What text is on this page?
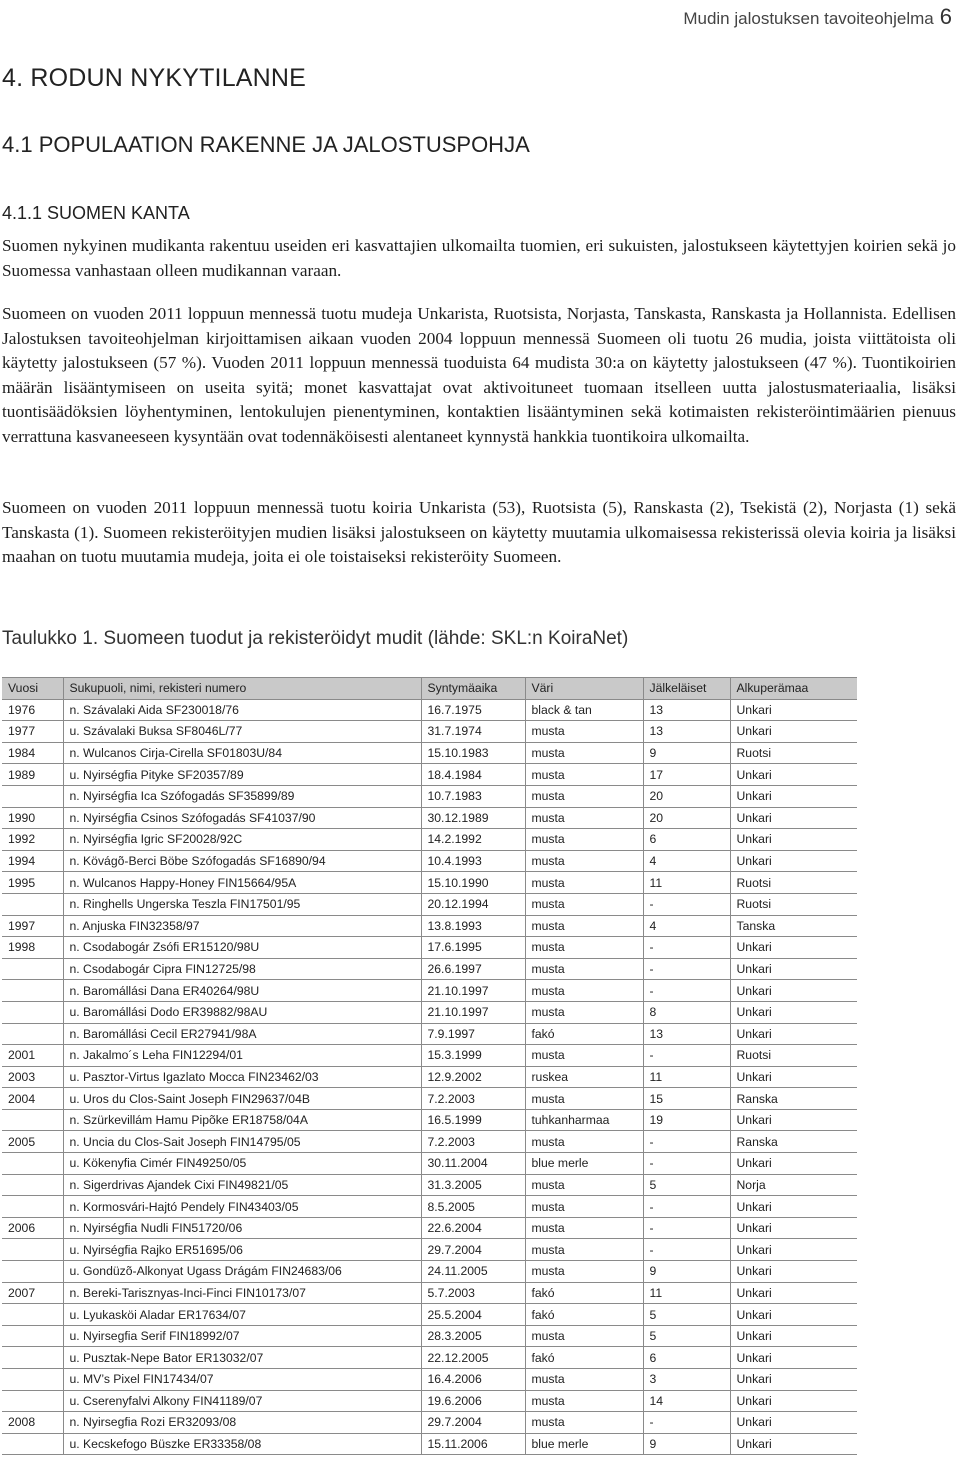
Mudin jalostuksen tavoiteohjelma 6
4. RODUN NYKYTILANNE
4.1 POPULAATION RAKENNE JA JALOSTUSPOHJA
4.1.1 SUOMEN KANTA

Suomen nykyinen mudikanta rakentuu useiden eri kasvattajien ulkomailta tuomien, eri sukuisten, jalostukseen käytettyjen koirien sekä jo Suomessa vanhastaan olleen mudikannan varaan.

Suomeen on vuoden 2011 loppuun mennessä tuotu mudeja Unkarista, Ruotsista, Norjasta, Tanskasta, Ranskasta ja Hollannista. Edellisen Jalostuksen tavoiteohjelman kirjoittamisen aikaan vuoden 2004 loppuun mennessä Suomeen oli tuotu 26 mudia, joista viittätoista oli käytetty jalostukseen (57 %). Vuoden 2011 loppuun mennessä tuoduista 64 mudista 30:a on käytetty jalostukseen (47 %). Tuontikoirien määrän lisääntymiseen on useita syitä; monet kasvattajat ovat aktivoituneet tuomaan itselleen uutta jalostusmateriaalia, lisäksi tuontisäädöksien löyhentyminen, lentokulujen pienentyminen, kontaktien lisääntyminen sekä kotimaisten rekisteröintimäärien pienuus verrattuna kasvaneeseen kysyntään ovat todennäköisesti alentaneet kynnystä hankkia tuontikoira ulkomailta.

Suomeen on vuoden 2011 loppuun mennessä tuotu koiria Unkarista (53), Ruotsista (5), Ranskasta (2), Tsekistä (2), Norjasta (1) sekä Tanskasta (1). Suomeen rekisteröityjen mudien lisäksi jalostukseen on käytetty muutamia ulkomaisessa rekisterissä olevia koiria ja lisäksi maahan on tuotu muutamia mudeja, joita ei ole toistaiseksi rekisteröity Suomeen.

Taulukko 1. Suomeen tuodut ja rekisteröidyt mudit (lähde: SKL:n KoiraNet)

Vuosi	Sukupuoli, nimi, rekisteri numero	Syntymäaika	Väri	Jälkeläiset	Alkuperämaa
1976	n. Szávalaki Aida SF230018/76	16.7.1975	black & tan	13	Unkari
1977	u. Szávalaki Buksa SF8046L/77	31.7.1974	musta	13	Unkari
1984	n. Wulcanos Cirja-Cirella SF01803U/84	15.10.1983	musta	9	Ruotsi
1989	u. Nyirségfia Pityke SF20357/89	18.4.1984	musta	17	Unkari
	n. Nyirségfia Ica Szófogadás SF35899/89	10.7.1983	musta	20	Unkari
1990	n. Nyirségfia Csinos Szófogadás SF41037/90	30.12.1989	musta	20	Unkari
1992	n. Nyirségfia Igric SF20028/92C	14.2.1992	musta	6	Unkari
1994	n. Kövágõ-Berci Böbe Szófogadás SF16890/94	10.4.1993	musta	4	Unkari
1995	n. Wulcanos Happy-Honey FIN15664/95A	15.10.1990	musta	11	Ruotsi
	n. Ringhells Ungerska Teszla FIN17501/95	20.12.1994	musta	-	Ruotsi
1997	n. Anjuska FIN32358/97	13.8.1993	musta	4	Tanska
1998	n. Csodabogár Zsófi ER15120/98U	17.6.1995	musta	-	Unkari
	n. Csodabogár Cipra FIN12725/98	26.6.1997	musta	-	Unkari
	n. Baromállási Dana ER40264/98U	21.10.1997	musta	-	Unkari
	u. Baromállási Dodo ER39882/98AU	21.10.1997	musta	8	Unkari
	n. Baromállási Cecil ER27941/98A	7.9.1997	fakó	13	Unkari
2001	n. Jakalmo´s Leha FIN12294/01	15.3.1999	musta	-	Ruotsi
2003	u. Pasztor-Virtus Igazlato Mocca FIN23462/03	12.9.2002	ruskea	11	Unkari
2004	u. Uros du Clos-Saint Joseph FIN29637/04B	7.2.2003	musta	15	Ranska
	n. Szürkevillám Hamu Pipõke ER18758/04A	16.5.1999	tuhkanharmaa	19	Unkari
2005	n. Uncia du Clos-Sait Joseph FIN14795/05	7.2.2003	musta	-	Ranska
	u. Kökenyfia Cimér FIN49250/05	30.11.2004	blue merle	-	Unkari
	n. Sigerdrivas Ajandek Cixi FIN49821/05	31.3.2005	musta	5	Norja
	n. Kormosvári-Hajtó Pendely FIN43403/05	8.5.2005	musta	-	Unkari
2006	n. Nyirségfia Nudli FIN51720/06	22.6.2004	musta	-	Unkari
	u. Nyirségfia Rajko ER51695/06	29.7.2004	musta	-	Unkari
	u. Gondüzõ-Alkonyat Ugass Drágám FIN24683/06	24.11.2005	musta	9	Unkari
2007	n. Bereki-Tarisznyas-Inci-Finci FIN10173/07	5.7.2003	fakó	11	Unkari
	u. Lyukasköi Aladar ER17634/07	25.5.2004	fakó	5	Unkari
	u. Nyirsegfia Serif FIN18992/07	28.3.2005	musta	5	Unkari
	u. Pusztak-Nepe Bator ER13032/07	22.12.2005	fakó	6	Unkari
	u. MV’s Pixel FIN17434/07	16.4.2006	musta	3	Unkari
	u. Cserenyfalvi Alkony FIN41189/07	19.6.2006	musta	14	Unkari
2008	n. Nyirsegfia Rozi ER32093/08	29.7.2004	musta	-	Unkari
	u. Kecskefogo Büszke ER33358/08	15.11.2006	blue merle	9	Unkari
